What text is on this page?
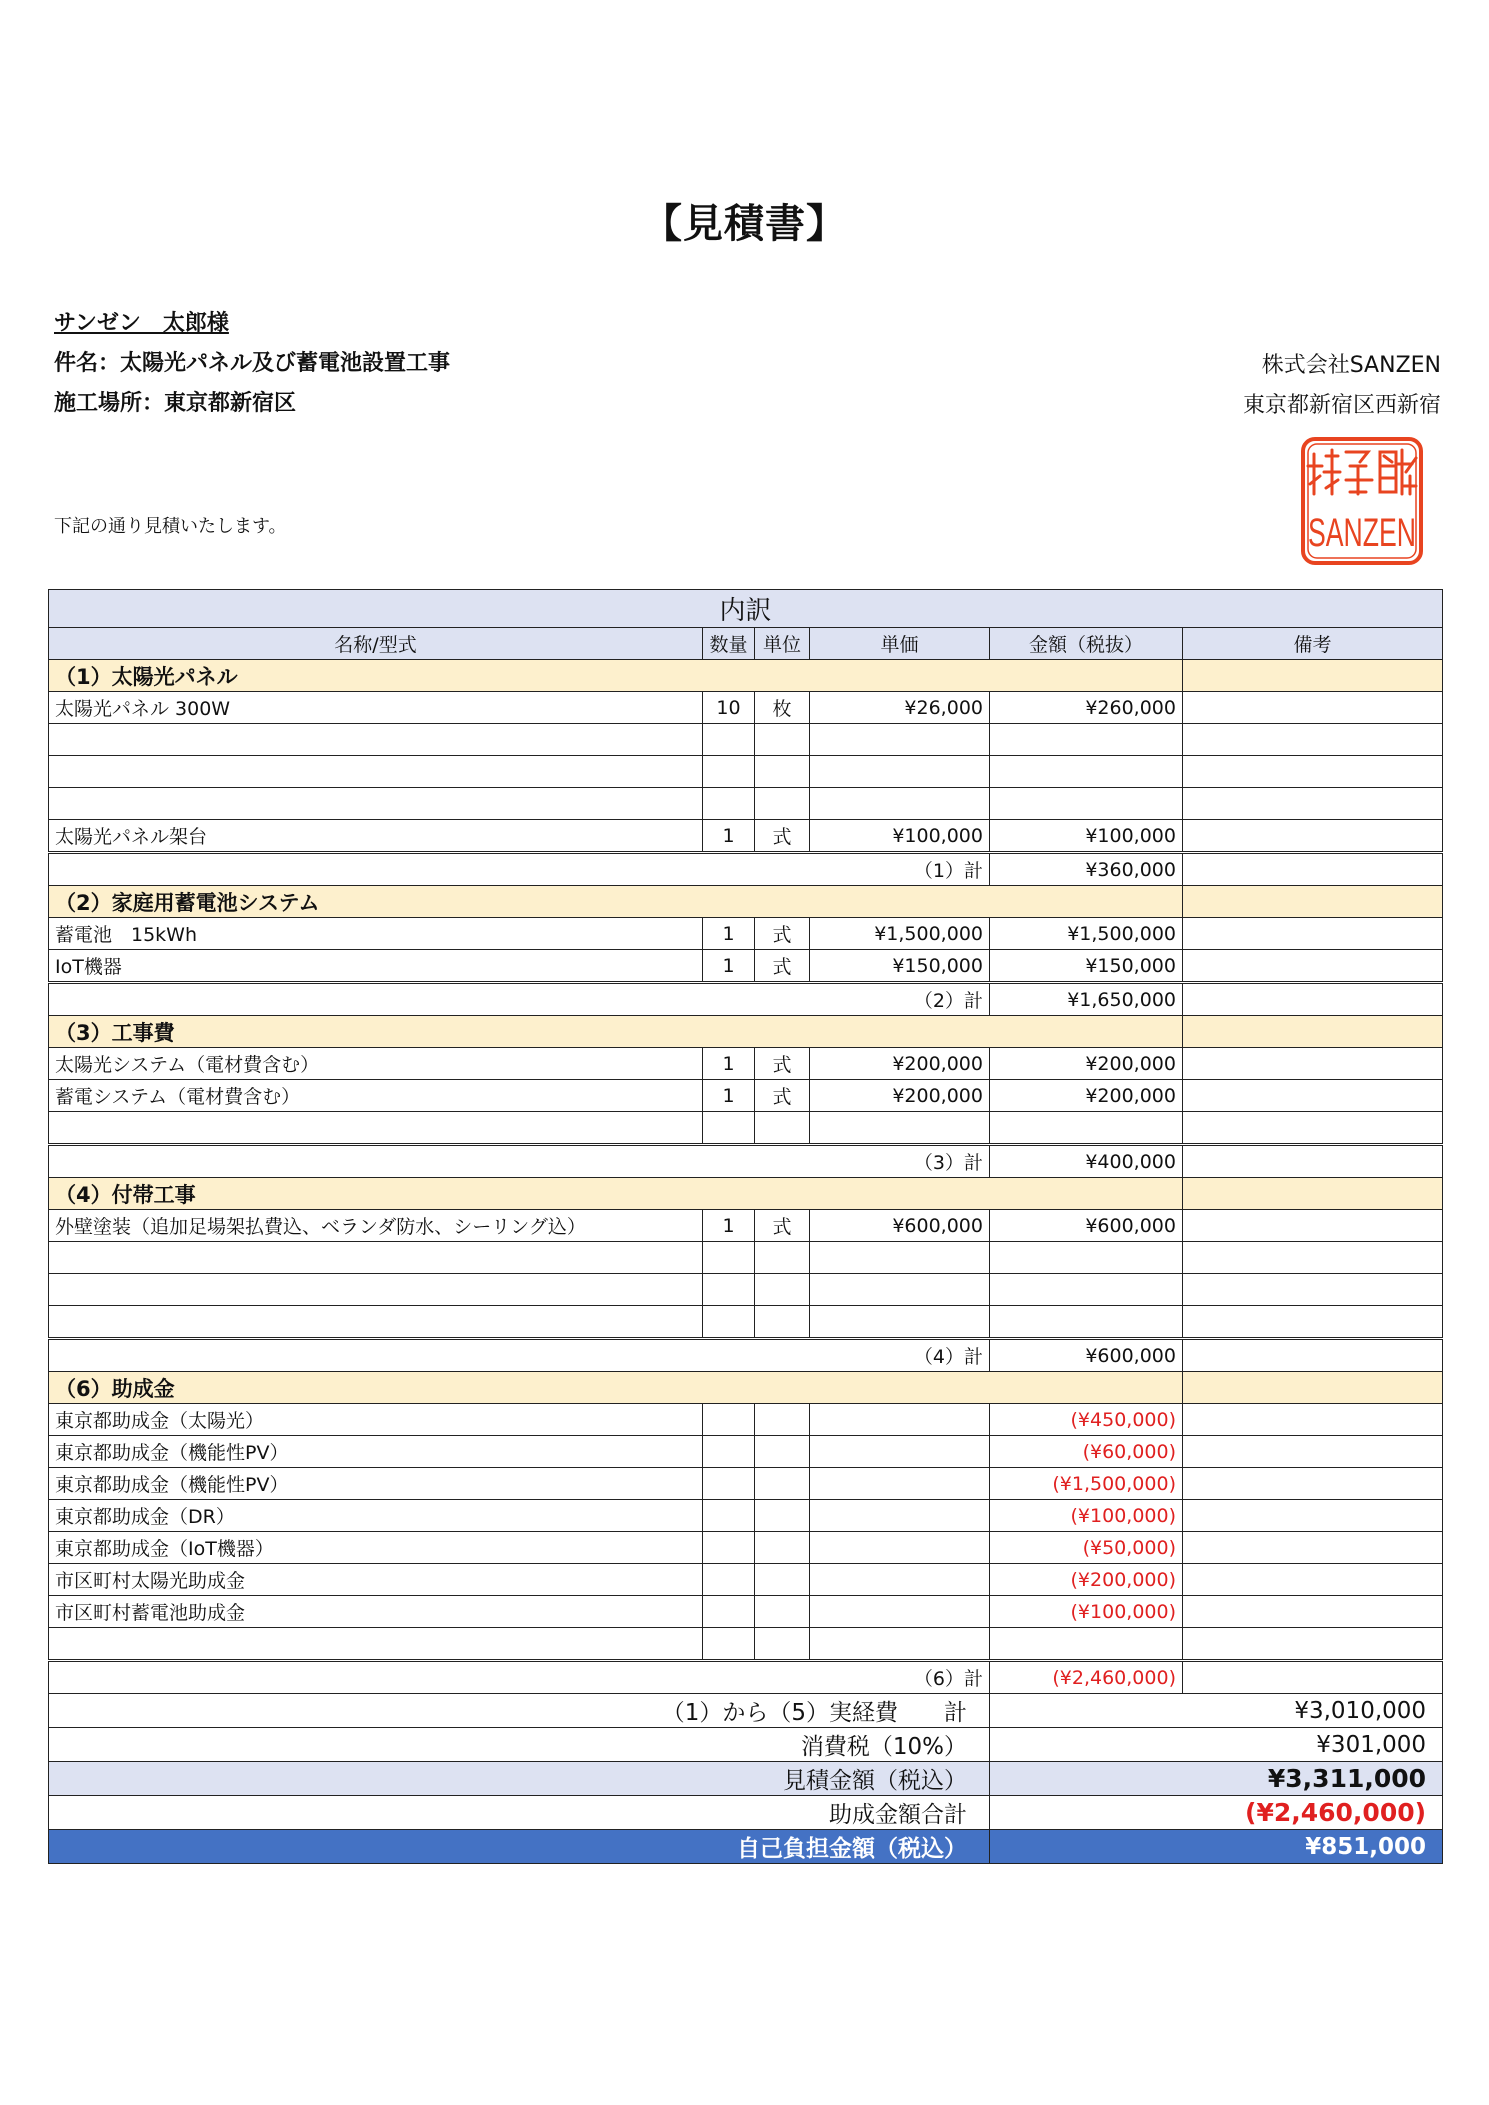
【見積書】
サンゼン　太郎様
件名：太陽光パネル及び蓄電池設置工事
施工場所：東京都新宿区
株式会社SANZEN
東京都新宿区西新宿
下記の通り見積いたします。	SANZEN
内訳					
名称/型式	数量	単位	単価	金額（税抜）	備考
（1）太陽光パネル					
太陽光パネル 300W	10	枚	¥26,000	¥260,000	

太陽光パネル架台	1	式	¥100,000	¥100,000	
（1）計				¥360,000	
（2）家庭用蓄電池システム					
蓄電池　15kWh	1	式	¥1,500,000	¥1,500,000	
IoT機器	1	式	¥150,000	¥150,000	
（2）計				¥1,650,000	
（3）工事費					
太陽光システム（電材費含む）	1	式	¥200,000	¥200,000	
蓄電システム（電材費含む）	1	式	¥200,000	¥200,000	

（3）計				¥400,000	
（4）付帯工事					
外壁塗装（追加足場架払費込、ベランダ防水、シーリング込）	1	式	¥600,000	¥600,000	

（4）計				¥600,000	
（6）助成金					
東京都助成金（太陽光）				(¥450,000)	
東京都助成金（機能性PV）				(¥60,000)	
東京都助成金（機能性PV）				(¥1,500,000)	
東京都助成金（DR）				(¥100,000)	
東京都助成金（IoT機器）				(¥50,000)	
市区町村太陽光助成金				(¥200,000)	
市区町村蓄電池助成金				(¥100,000)	

（6）計				(¥2,460,000)	
（1）から（5）実経費　　計				¥3,010,000	
消費税（10%）				¥301,000	
見積金額（税込）				¥3,311,000	
助成金額合計				(¥2,460,000)	
自己負担金額（税込）				¥851,000	
